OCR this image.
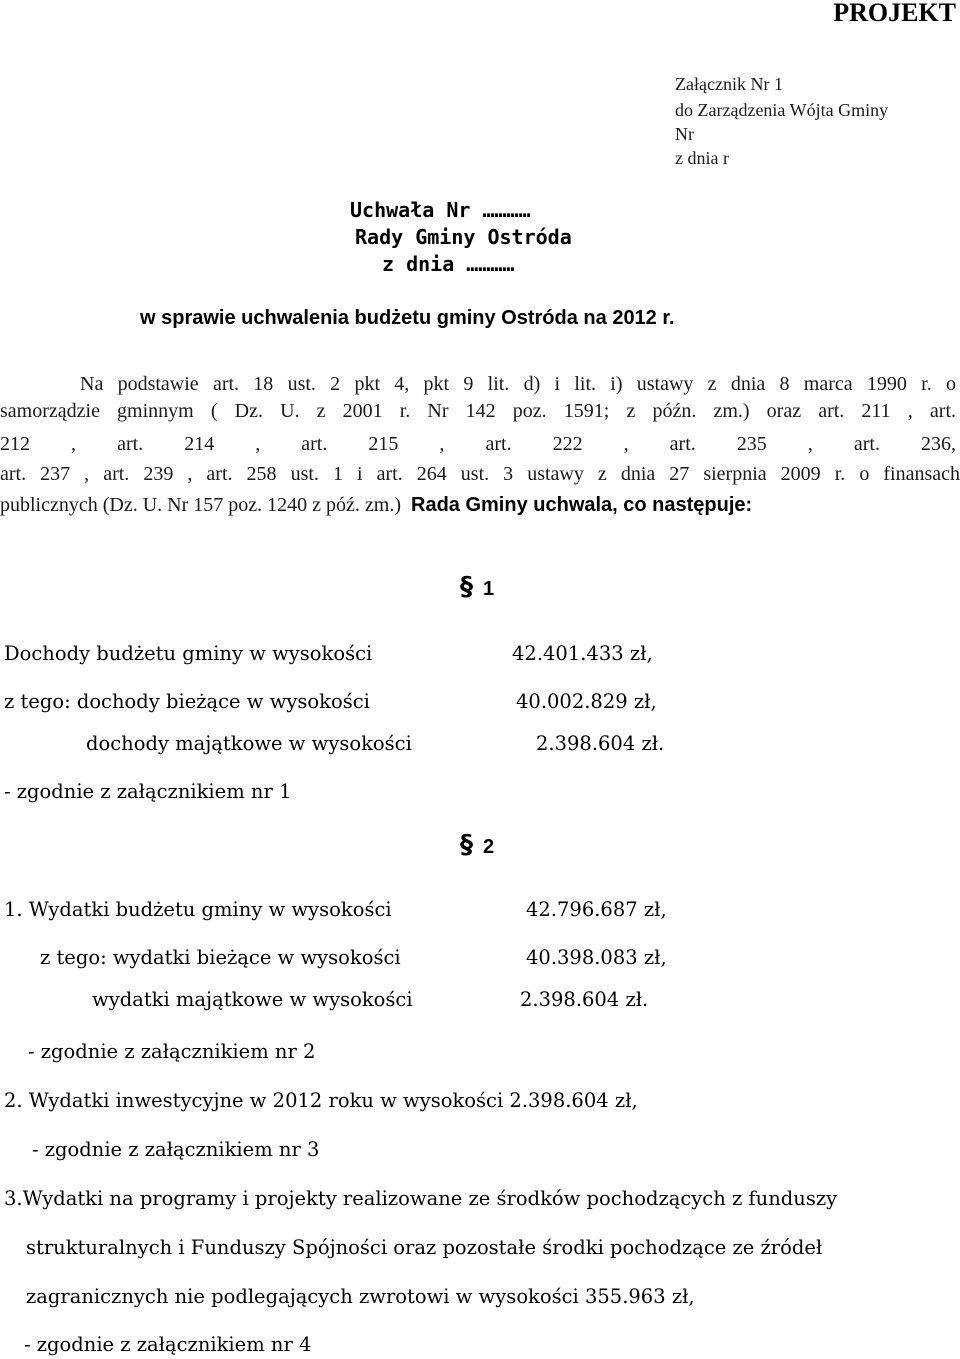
PROJEKT
Załącznik Nr 1
do Zarządzenia Wójta Gminy
Nr
z dnia r
Uchwała Nr …………
Rady Gminy Ostróda
z dnia …………
w sprawie uchwalenia budżetu gminy Ostróda na 2012 r.
Na podstawie art. 18 ust. 2 pkt 4, pkt 9 lit. d) i lit. i) ustawy z dnia 8 marca 1990 r. o
samorządzie gminnym ( Dz. U. z 2001 r. Nr 142 poz. 1591; z późn. zm.) oraz art. 211 , art.
212 , art. 214 , art. 215 , art. 222 , art. 235 , art. 236,
art. 237 , art. 239 , art. 258 ust. 1 i art. 264 ust. 3 ustawy z dnia 27 sierpnia 2009 r. o finansach
publicznych (Dz. U. Nr 157 poz. 1240 z póź. zm.) Rada Gminy uchwala, co następuje:
§ 1
Dochody budżetu gminy w wysokości	42.401.433 zł,
z tego: dochody bieżące w wysokości	40.002.829 zł,
dochody majątkowe w wysokości	2.398.604 zł.
- zgodnie z załącznikiem nr 1
§ 2
1. Wydatki budżetu gminy w wysokości	42.796.687 zł,
z tego: wydatki bieżące w wysokości	40.398.083 zł,
wydatki majątkowe w wysokości	2.398.604 zł.
- zgodnie z załącznikiem nr 2
2. Wydatki inwestycyjne w 2012 roku w wysokości 2.398.604 zł,
- zgodnie z załącznikiem nr 3
3.Wydatki na programy i projekty realizowane ze środków pochodzących z funduszy
strukturalnych i Funduszy Spójności oraz pozostałe środki pochodzące ze źródeł
zagranicznych nie podlegających zwrotowi w wysokości 355.963 zł,
- zgodnie z załącznikiem nr 4
